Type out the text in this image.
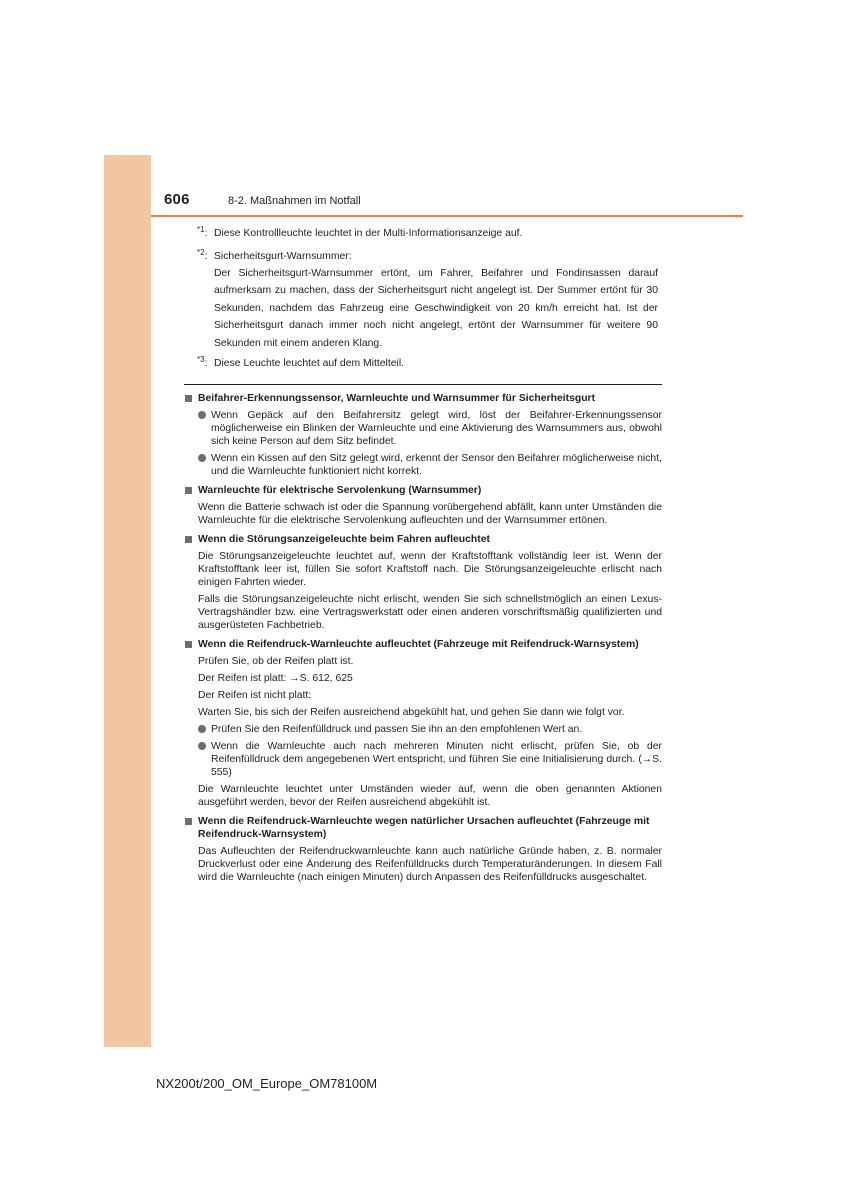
606	8-2. Maßnahmen im Notfall
$^{*1}$: Diese Kontrollleuchte leuchtet in der Multi-Informationsanzeige auf.
$^{*2}$: Sicherheitsgurt-Warnsummer:
Der Sicherheitsgurt-Warnsummer ertönt, um Fahrer, Beifahrer und Fondinsassen darauf aufmerksam zu machen, dass der Sicherheitsgurt nicht angelegt ist. Der Summer ertönt für 30 Sekunden, nachdem das Fahrzeug eine Geschwindigkeit von 20 km/h erreicht hat. Ist der Sicherheitsgurt danach immer noch nicht angelegt, ertönt der Warnsummer für weitere 90 Sekunden mit einem anderen Klang.
$^{*3}$: Diese Leuchte leuchtet auf dem Mittelteil.
Beifahrer-Erkennungssensor, Warnleuchte und Warnsummer für Sicherheitsgurt
Wenn Gepäck auf den Beifahrersitz gelegt wird, löst der Beifahrer-Erkennungssensor möglicherweise ein Blinken der Warnleuchte und eine Aktivierung des Warnsummers aus, obwohl sich keine Person auf dem Sitz befindet.
Wenn ein Kissen auf den Sitz gelegt wird, erkennt der Sensor den Beifahrer möglicherweise nicht, und die Warnleuchte funktioniert nicht korrekt.
Warnleuchte für elektrische Servolenkung (Warnsummer)
Wenn die Batterie schwach ist oder die Spannung vorübergehend abfällt, kann unter Umständen die Warnleuchte für die elektrische Servolenkung aufleuchten und der Warnsummer ertönen.
Wenn die Störungsanzeigeleuchte beim Fahren aufleuchtet
Die Störungsanzeigeleuchte leuchtet auf, wenn der Kraftstofftank vollständig leer ist. Wenn der Kraftstofftank leer ist, füllen Sie sofort Kraftstoff nach. Die Störungsanzeigeleuchte erlischt nach einigen Fahrten wieder.
Falls die Störungsanzeigeleuchte nicht erlischt, wenden Sie sich schnellstmöglich an einen Lexus-Vertragshändler bzw. eine Vertragswerkstatt oder einen anderen vorschriftsmäßig qualifizierten und ausgerüsteten Fachbetrieb.
Wenn die Reifendruck-Warnleuchte aufleuchtet (Fahrzeuge mit Reifendruck-Warnsystem)
Prüfen Sie, ob der Reifen platt ist.
Der Reifen ist platt: →S. 612, 625
Der Reifen ist nicht platt:
Warten Sie, bis sich der Reifen ausreichend abgekühlt hat, und gehen Sie dann wie folgt vor.
Prüfen Sie den Reifenfülldruck und passen Sie ihn an den empfohlenen Wert an.
Wenn die Warnleuchte auch nach mehreren Minuten nicht erlischt, prüfen Sie, ob der Reifenfülldruck dem angegebenen Wert entspricht, und führen Sie eine Initialisierung durch. (→S. 555)
Die Warnleuchte leuchtet unter Umständen wieder auf, wenn die oben genannten Aktionen ausgeführt werden, bevor der Reifen ausreichend abgekühlt ist.
Wenn die Reifendruck-Warnleuchte wegen natürlicher Ursachen aufleuchtet (Fahrzeuge mit Reifendruck-Warnsystem)
Das Aufleuchten der Reifendruckwarnleuchte kann auch natürliche Gründe haben, z. B. normaler Druckverlust oder eine Änderung des Reifenfülldrucks durch Temperaturänderungen. In diesem Fall wird die Warnleuchte (nach einigen Minuten) durch Anpassen des Reifenfülldrucks ausgeschaltet.
NX200t/200_OM_Europe_OM78100M
